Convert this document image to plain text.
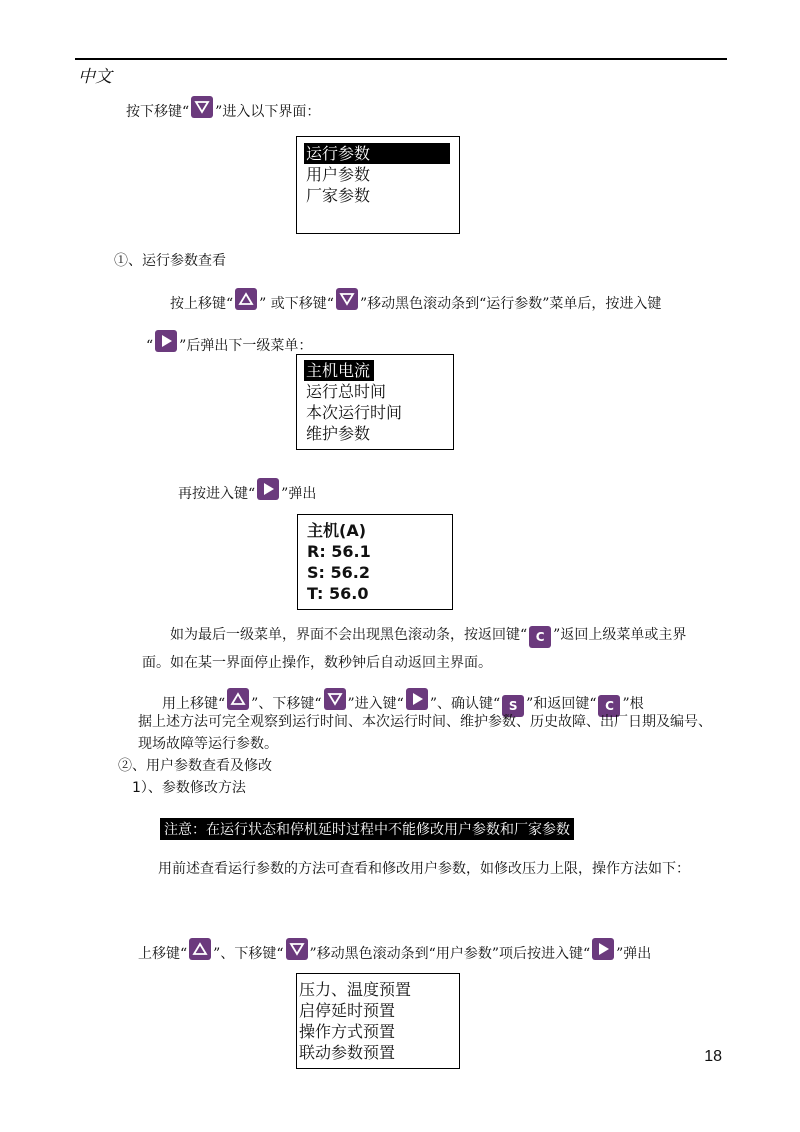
中文
按下移键“ ”进入以下界面：
运行参数
用户参数
厂家参数
①、运行参数查看
按上移键“ ” 或下移键“ ”移动黑色滚动条到“运行参数”菜单后，按进入键
“ ”后弹出下一级菜单：
主机电流
运行总时间
本次运行时间
维护参数
再按进入键“ ”弹出
主机(A)
R: 56.1
S: 56.2
T: 56.0
如为最后一级菜单，界面不会出现黑色滚动条，按返回键“ C ”返回上级菜单或主界
面。如在某一界面停止操作，数秒钟后自动返回主界面。
用上移键“ ”、下移键“ ”进入键“ ”、确认键“ S ”和返回键“ C ”根
据上述方法可完全观察到运行时间、本次运行时间、维护参数、历史故障、出厂日期及编号、
现场故障等运行参数。
②、用户参数查看及修改
1）、参数修改方法
注意：在运行状态和停机延时过程中不能修改用户参数和厂家参数
用前述查看运行参数的方法可查看和修改用户参数，如修改压力上限，操作方法如下：
上移键“ ”、下移键“ ”移动黑色滚动条到“用户参数”项后按进入键“ ”弹出
压力、温度预置
启停延时预置
操作方式预置
联动参数预置	18
